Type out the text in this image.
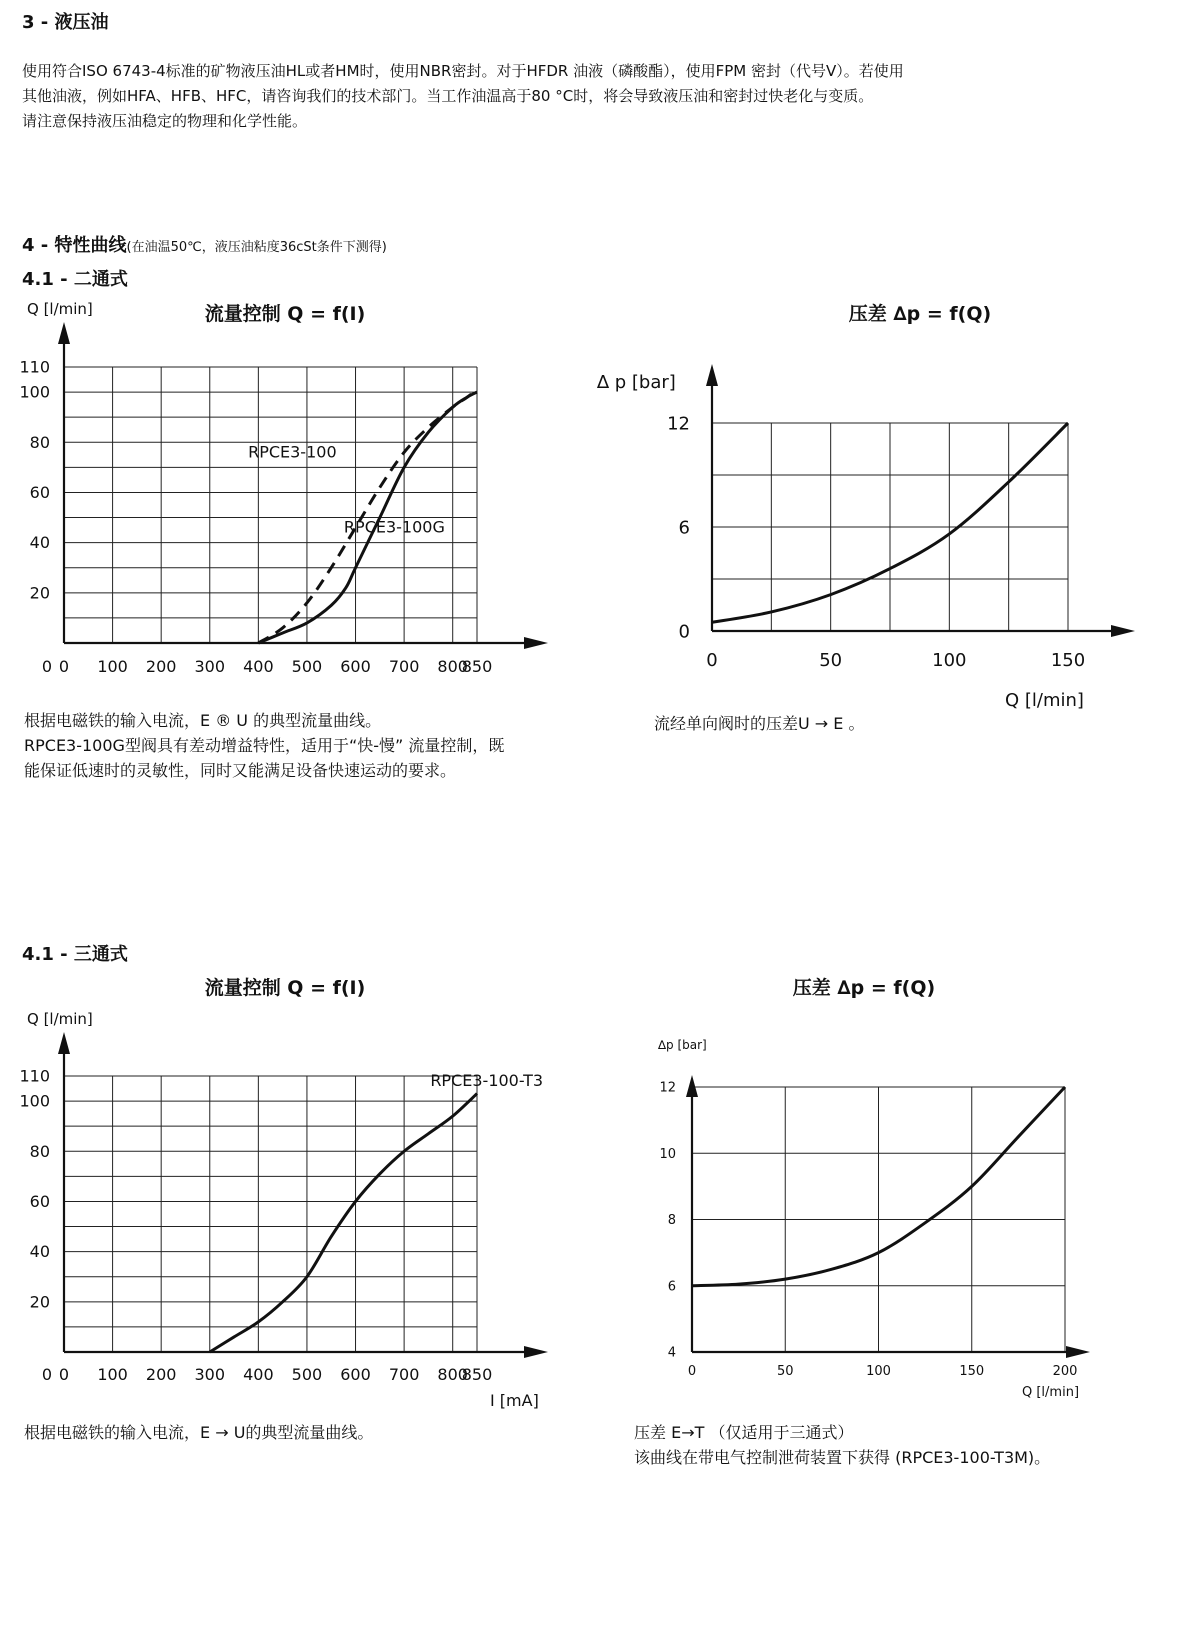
3 - 液压油
使用符合ISO 6743-4标准的矿物液压油HL或者HM时，使用NBR密封。对于HFDR 油液（磷酸酯），使用FPM 密封（代号V）。若使用
其他油液，例如HFA、HFB、HFC，请咨询我们的技术部门。当工作油温高于80 °C时，将会导致液压油和密封过快老化与变质。
请注意保持液压油稳定的物理和化学性能。
4 - 特性曲线(在油温50℃，液压油粘度36cSt条件下测得)
4.1 - 二通式
4.1 - 三通式
根据电磁铁的输入电流，E ® U 的典型流量曲线。
RPCE3-100G型阀具有差动增益特性，适用于“快-慢” 流量控制，既
能保证低速时的灵敏性，同时又能满足设备快速运动的要求。
流经单向阀时的压差U → E 。
根据电磁铁的输入电流，E → U的典型流量曲线。	压差 E→T （仅适用于三通式）
该曲线在带电气控制泄荷装置下获得 (RPCE3-100-T3M)。
流量控制 Q = f(I)
0 100 200 300 400 500 600 700 800
850
20
40
60
80
100
110
0
Q [l/min]
RPCE3-100
RPCE3-100G
压差 ∆p = f(Q)
0	50	100	150
0
6
12
∆ p [bar]
Q [l/min]
流量控制 Q = f(I)
0 100 200 300 400 500 600 700 800
850
20
40
60
80
100
110
0
Q [l/min]
I [mA]
RPCE3-100-T3
压差 ∆p = f(Q)
0	50	100	150	200
4
6
8
10
12
∆p [bar]
Q [l/min]
